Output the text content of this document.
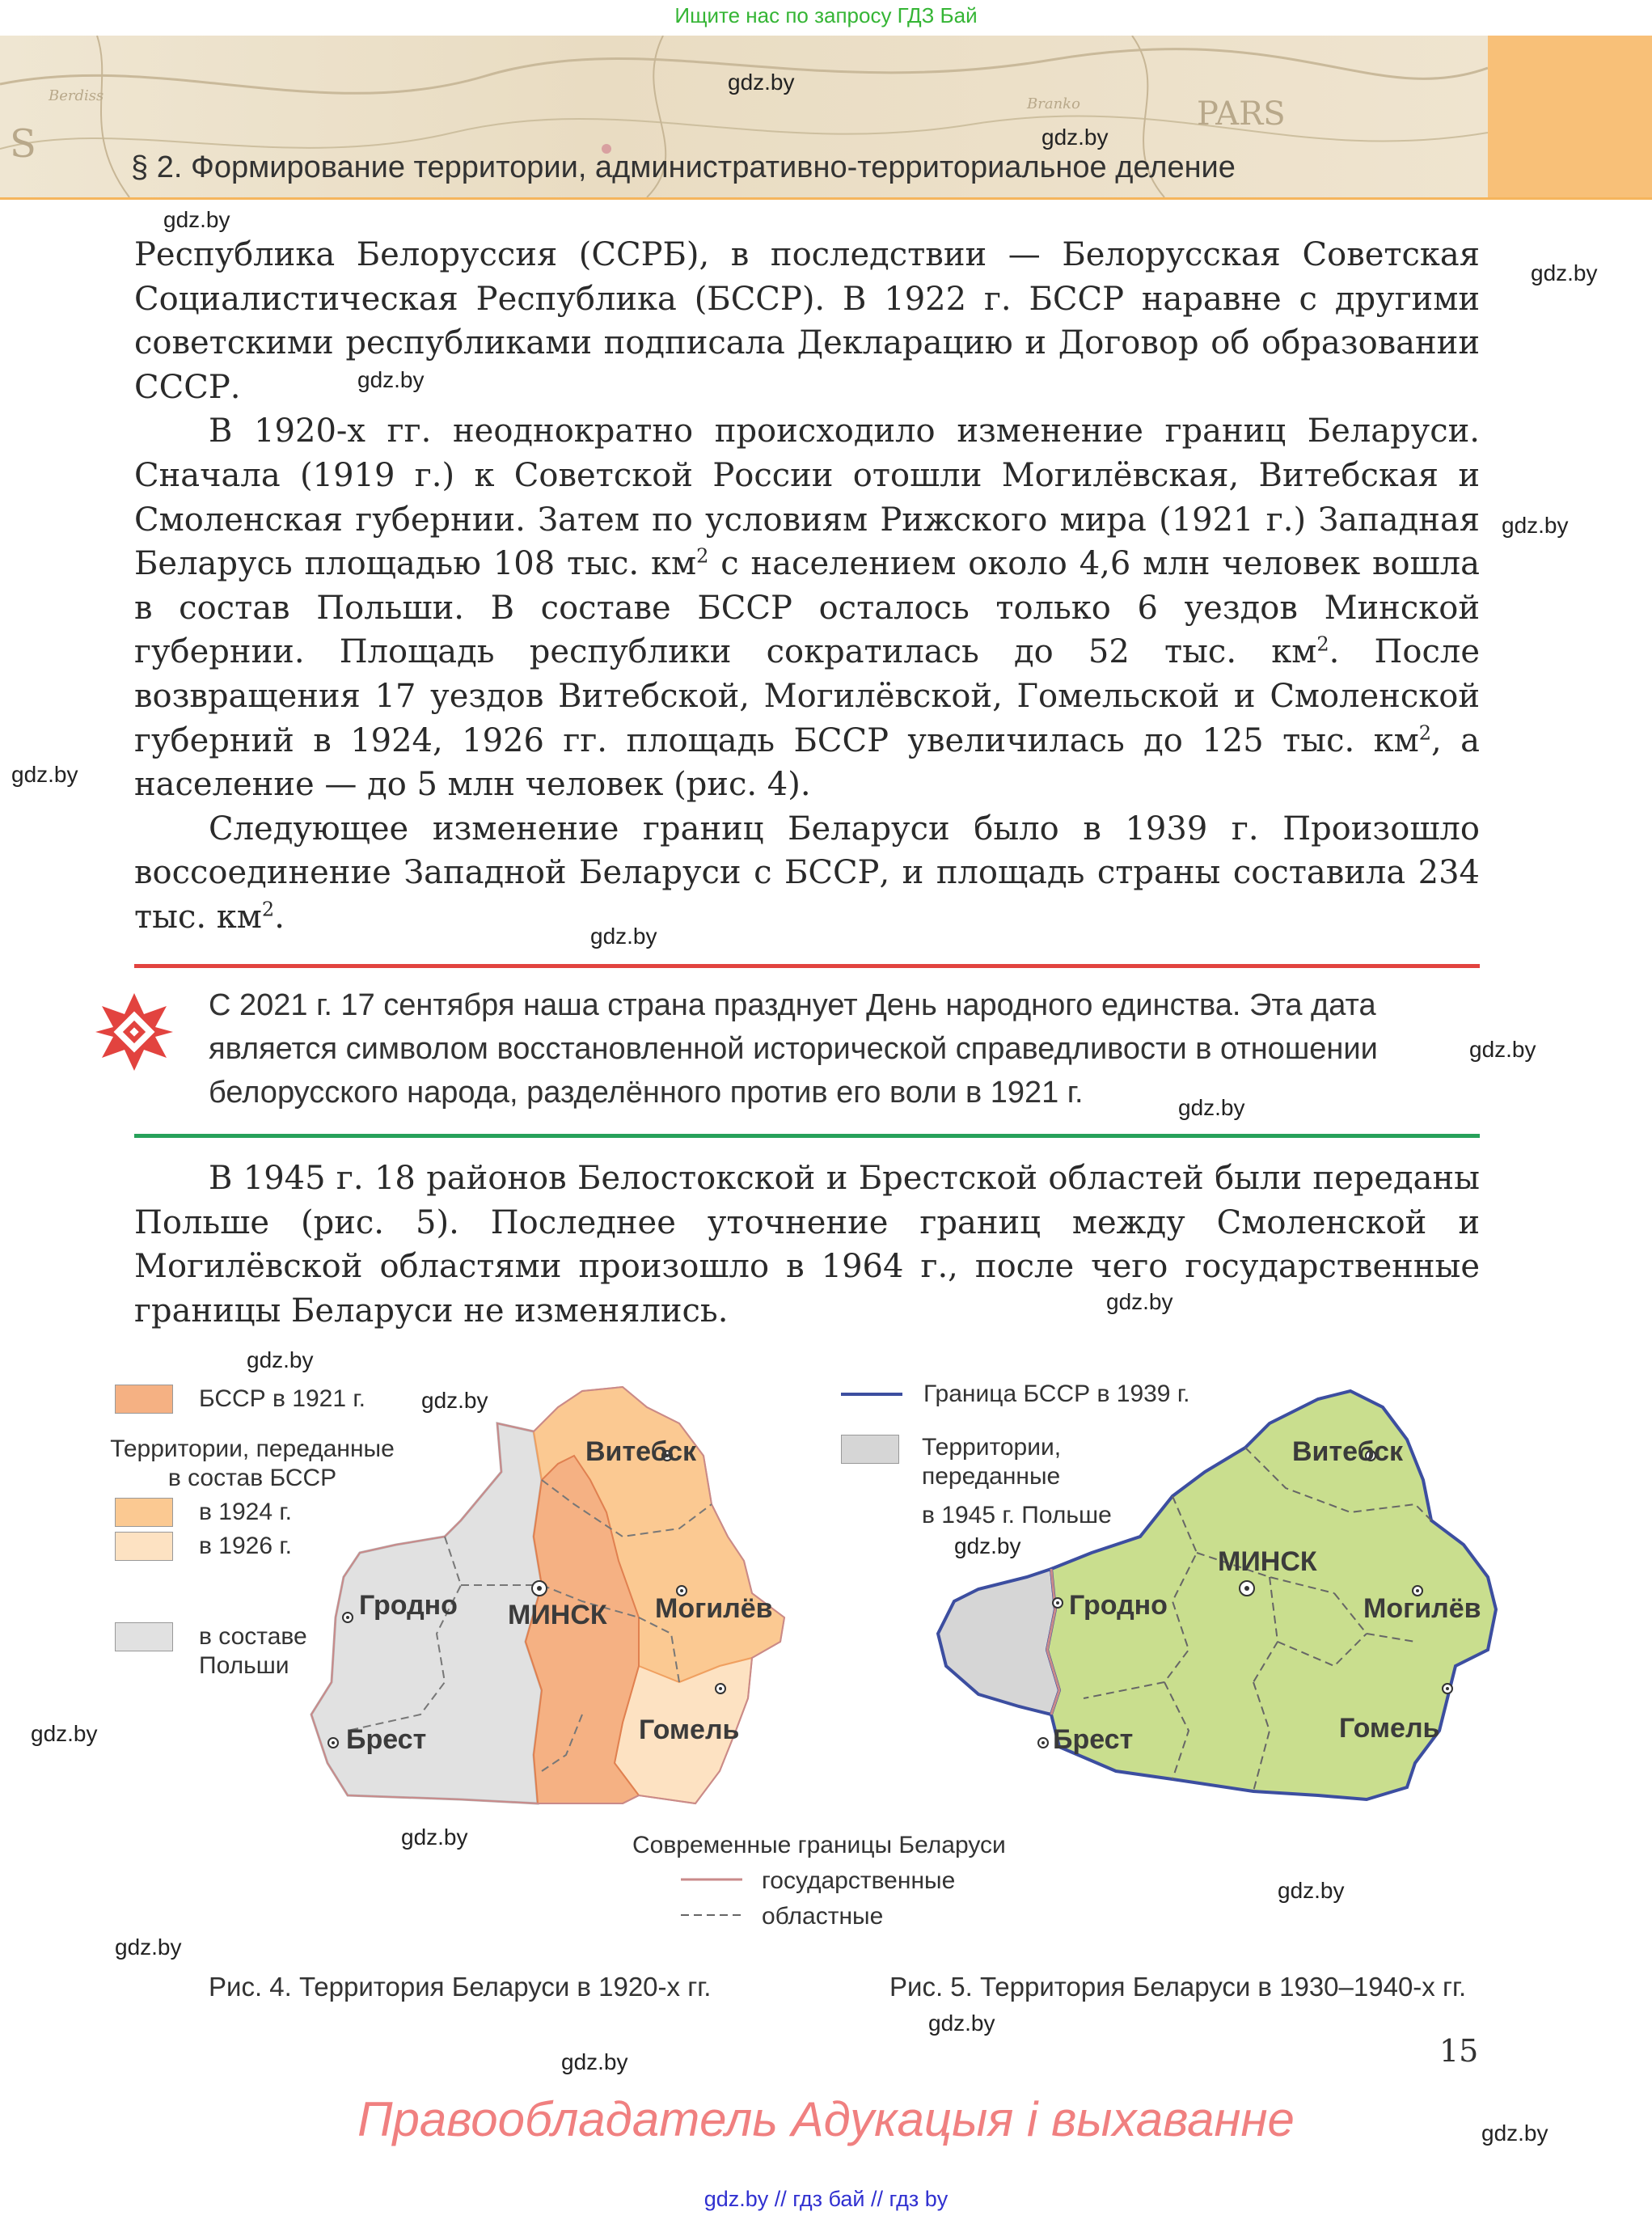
Ищите нас по запросу ГДЗ Бай
S
PARS
Berdiss	Branko
§ 2. Формирование территории, административно-территориальное деление
gdz.by
gdz.by
gdz.by
gdz.by
gdz.by
gdz.by
gdz.by
gdz.by
gdz.by
gdz.by
gdz.by
gdz.by
gdz.by
gdz.by
gdz.by
gdz.by
gdz.by
gdz.by
gdz.by
gdz.by
gdz.by

Республика Белоруссия (ССРБ), в последствии — Белорусская Советская Социалистическая Республика (БССР). В 1922 г. БССР наравне с другими советскими республиками подписала Декларацию и Договор об образовании СССР.

В 1920-х гг. неоднократно происходило изменение границ Беларуси. Сначала (1919 г.) к Советской России отошли Могилёвская, Витебская и Смоленская губернии. Затем по условиям Рижского мира (1921 г.) Западная Беларусь площадью 108 тыс. $км^2$ с населением около 4,6 млн человек вошла в состав Польши. В составе БССР осталось только 6 уездов Минской губернии. Площадь республики сократилась до 52 тыс. $км^2$. После возвращения 17 уездов Витебской, Могилёвской, Гомельской и Смоленской губерний в 1924, 1926 гг. площадь БССР увеличилась до 125 тыс. $км^2$, а население — до 5 млн человек (рис. 4).

Следующее изменение границ Беларуси было в 1939 г. Произошло воссоединение Западной Беларуси с БССР, и площадь страны составила 234 тыс. $км^2$.

С 2021 г. 17 сентября наша страна празднует День народного единства. Эта дата

является символом восстановленной исторической справедливости в отношении

белорусского народа, разделённого против его воли в 1921 г.

В 1945 г. 18 районов Белостокской и Брестской областей были переданы Польше (рис. 5). Последнее уточнение границ между Смоленской и Могилёвской областями произошло в 1964 г., после чего государственные границы Беларуси не изменялись.

БССР в 1921 г.
Территории, переданные
в состав БССР
в 1924 г.
в 1926 г.
в составе
Польши
Витебск
Гродно МИНСК Могилёв
Брест	Гомель
Граница БССР в 1939 г.
Территории,
переданные
в 1945 г. Польше
Витебск
Гродно
МИНСК
Могилёв
Брест	Гомель
Современные границы Беларуси
государственные
областные
Рис. 4. Территория Беларуси в 1920-х гг.	Рис. 5. Территория Беларуси в 1930–1940-х гг.
15
Правообладатель Адукацыя і выхаванне
gdz.by // гдз бай // гдз by
